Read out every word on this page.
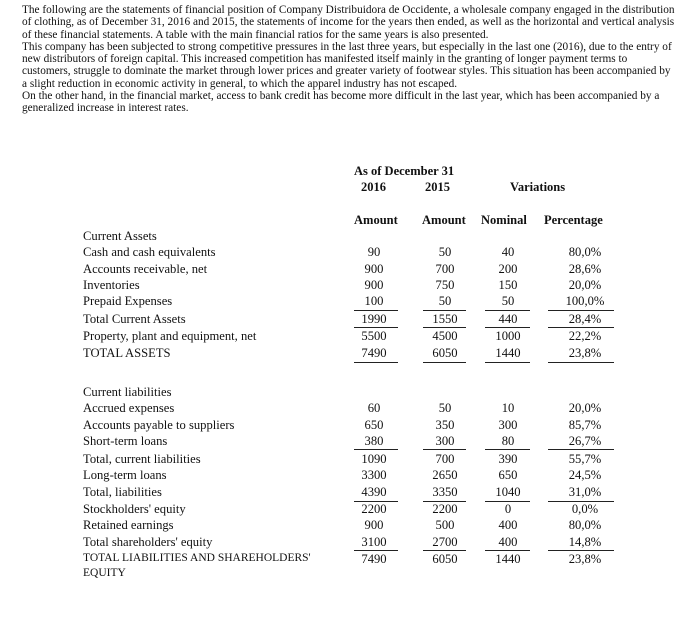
The following are the statements of financial position of Company Distribuidora de Occidente, a wholesale company engaged in the distribution of clothing, as of December 31, 2016 and 2015, the statements of income for the years then ended, as well as the horizontal and vertical analysis of these financial statements. A table with the main financial ratios for the same years is also presented.

This company has been subjected to strong competitive pressures in the last three years, but especially in the last one (2016), due to the entry of new distributors of foreign capital. This increased competition has manifested itself mainly in the granting of longer payment terms to customers, struggle to dominate the market through lower prices and greater variety of footwear styles. This situation has been accompanied by a slight reduction in economic activity in general, to which the apparel industry has not escaped.

On the other hand, in the financial market, access to bank credit has become more difficult in the last year, which has been accompanied by a generalized increase in interest rates.

As of December 31
2016	2015	Variations
Amount Amount Nominal Percentage
Current Assets
Cash and cash equivalents	90	50	40	80,0%
Accounts receivable, net	900	700	200	28,6%
Inventories	900	750	150	20,0%
Prepaid Expenses	100	50	50	100,0%
Total Current Assets	1990	1550	440	28,4%
Property, plant and equipment, net	5500	4500	1000	22,2%
TOTAL ASSETS	7490	6050	1440	23,8%
Current liabilities
Accrued expenses	60	50	10	20,0%
Accounts payable to suppliers	650	350	300	85,7%
Short-term loans	380	300	80	26,7%
Total, current liabilities	1090	700	390	55,7%
Long-term loans	3300	2650	650	24,5%
Total, liabilities	4390	3350	1040	31,0%
Stockholders' equity	2200	2200	0	0,0%
Retained earnings	900	500	400	80,0%
Total shareholders' equity	3100	2700	400	14,8%
TOTAL LIABILITIES AND SHAREHOLDERS'
EQUITY
7490	6050	1440	23,8%
